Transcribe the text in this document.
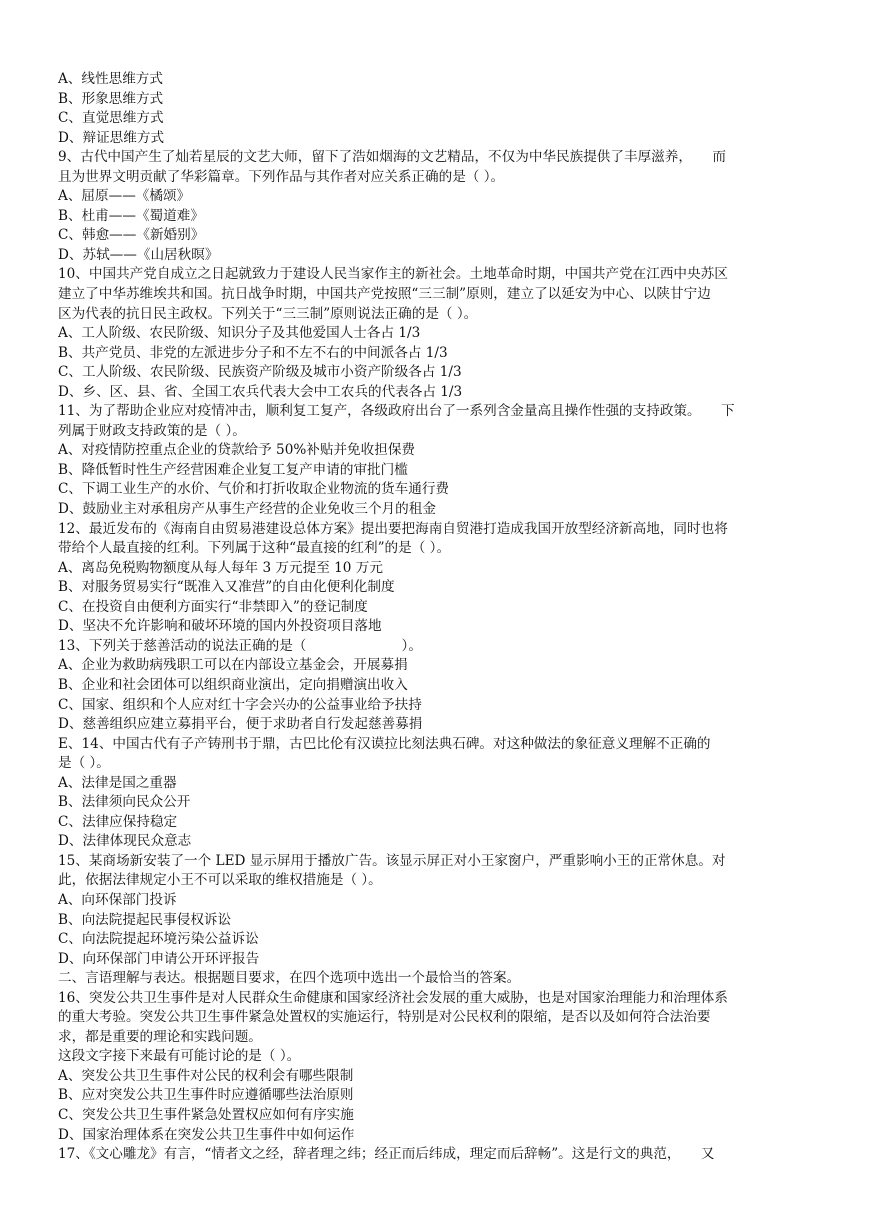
A、线性思维方式
B、形象思维方式
C、直觉思维方式
D、辩证思维方式
9、古代中国产生了灿若星辰的文艺大师，留下了浩如烟海的文艺精品，不仅为中华民族提供了丰厚滋养，　　而
且为世界文明贡献了华彩篇章。下列作品与其作者对应关系正确的是（ ）。
A、屈原——《橘颂》
B、杜甫——《蜀道难》
C、韩愈——《新婚别》
D、苏轼——《山居秋暝》
10、中国共产党自成立之日起就致力于建设人民当家作主的新社会。土地革命时期，中国共产党在江西中央苏区
建立了中华苏维埃共和国。抗日战争时期，中国共产党按照“三三制”原则，建立了以延安为中心、以陕甘宁边
区为代表的抗日民主政权。下列关于“三三制”原则说法正确的是（ ）。
A、工人阶级、农民阶级、知识分子及其他爱国人士各占 1/3
B、共产党员、非党的左派进步分子和不左不右的中间派各占 1/3
C、工人阶级、农民阶级、民族资产阶级及城市小资产阶级各占 1/3
D、乡、区、县、省、全国工农兵代表大会中工农兵的代表各占 1/3
11、为了帮助企业应对疫情冲击，顺利复工复产，各级政府出台了一系列含金量高且操作性强的支持政策。　　下
列属于财政支持政策的是（ ）。
A、对疫情防控重点企业的贷款给予 50%补贴并免收担保费
B、降低暂时性生产经营困难企业复工复产申请的审批门槛
C、下调工业生产的水价、气价和打折收取企业物流的货车通行费
D、鼓励业主对承租房产从事生产经营的企业免收三个月的租金
12、最近发布的《海南自由贸易港建设总体方案》提出要把海南自贸港打造成我国开放型经济新高地，同时也将
带给个人最直接的红利。下列属于这种“最直接的红利”的是（ ）。
A、离岛免税购物额度从每人每年 3 万元提至 10 万元
B、对服务贸易实行“既准入又准营”的自由化便利化制度
C、在投资自由便利方面实行“非禁即入”的登记制度
D、坚决不允许影响和破坏环境的国内外投资项目落地
13、下列关于慈善活动的说法正确的是（　　　　　　　）。
A、企业为救助病残职工可以在内部设立基金会，开展募捐
B、企业和社会团体可以组织商业演出，定向捐赠演出收入
C、国家、组织和个人应对红十字会兴办的公益事业给予扶持
D、慈善组织应建立募捐平台，便于求助者自行发起慈善募捐
E、14、中国古代有子产铸刑书于鼎，古巴比伦有汉谟拉比刻法典石碑。对这种做法的象征意义理解不正确的
是（ ）。
A、法律是国之重器
B、法律须向民众公开
C、法律应保持稳定
D、法律体现民众意志
15、某商场新安装了一个 LED 显示屏用于播放广告。该显示屏正对小王家窗户，严重影响小王的正常休息。对
此，依据法律规定小王不可以采取的维权措施是（ ）。
A、向环保部门投诉
B、向法院提起民事侵权诉讼
C、向法院提起环境污染公益诉讼
D、向环保部门申请公开环评报告
二、言语理解与表达。根据题目要求，在四个选项中选出一个最恰当的答案。
16、突发公共卫生事件是对人民群众生命健康和国家经济社会发展的重大威胁，也是对国家治理能力和治理体系
的重大考验。突发公共卫生事件紧急处置权的实施运行，特别是对公民权利的限缩，是否以及如何符合法治要
求，都是重要的理论和实践问题。
这段文字接下来最有可能讨论的是（ ）。
A、突发公共卫生事件对公民的权利会有哪些限制
B、应对突发公共卫生事件时应遵循哪些法治原则
C、突发公共卫生事件紧急处置权应如何有序实施
D、国家治理体系在突发公共卫生事件中如何运作
17、《文心雕龙》有言，“情者文之经，辞者理之纬；经正而后纬成，理定而后辞畅”。这是行文的典范，　　又
